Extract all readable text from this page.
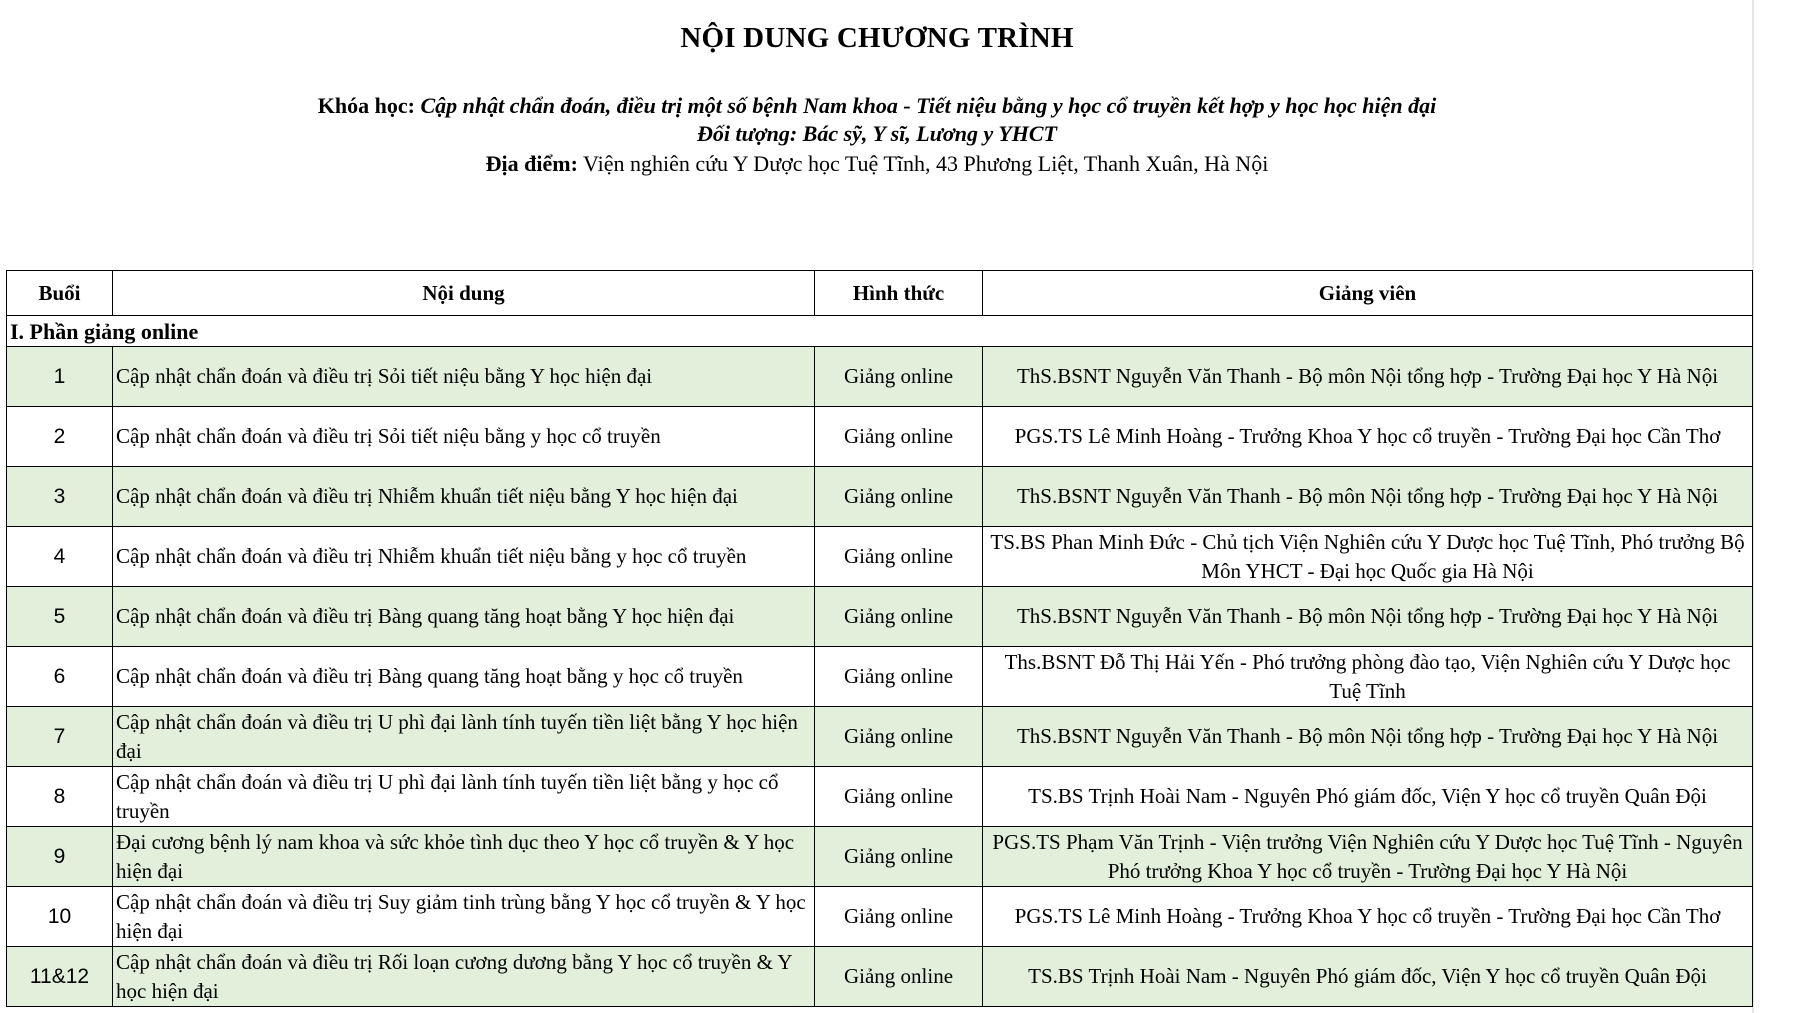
NỘI DUNG CHƯƠNG TRÌNH
Khóa học: Cập nhật chẩn đoán, điều trị một số bệnh Nam khoa - Tiết niệu bằng y học cổ truyền kết hợp y học học hiện đại
Đối tượng: Bác sỹ, Y sĩ, Lương y YHCT
Địa điểm: Viện nghiên cứu Y Dược học Tuệ Tĩnh, 43 Phương Liệt, Thanh Xuân, Hà Nội
Buổi	Nội dung	Hình thức	Giảng viên
I. Phần giảng online			
1	Cập nhật chẩn đoán và điều trị Sỏi tiết niệu bằng Y học hiện đại	Giảng online	ThS.BSNT Nguyễn Văn Thanh - Bộ môn Nội tổng hợp - Trường Đại học Y Hà Nội
2	Cập nhật chẩn đoán và điều trị Sỏi tiết niệu bằng y học cổ truyền	Giảng online	PGS.TS Lê Minh Hoàng - Trưởng Khoa Y học cổ truyền - Trường Đại học Cần Thơ
3	Cập nhật chẩn đoán và điều trị Nhiễm khuẩn tiết niệu bằng Y học hiện đại	Giảng online	ThS.BSNT Nguyễn Văn Thanh - Bộ môn Nội tổng hợp - Trường Đại học Y Hà Nội
4	Cập nhật chẩn đoán và điều trị Nhiễm khuẩn tiết niệu bằng y học cổ truyền	Giảng online	TS.BS Phan Minh Đức - Chủ tịch Viện Nghiên cứu Y Dược học Tuệ Tĩnh, Phó trưởng Bộ Môn YHCT - Đại học Quốc gia Hà Nội
5	Cập nhật chẩn đoán và điều trị Bàng quang tăng hoạt bằng Y học hiện đại	Giảng online	ThS.BSNT Nguyễn Văn Thanh - Bộ môn Nội tổng hợp - Trường Đại học Y Hà Nội
6	Cập nhật chẩn đoán và điều trị Bàng quang tăng hoạt bằng y học cổ truyền	Giảng online	Ths.BSNT Đỗ Thị Hải Yến - Phó trưởng phòng đào tạo, Viện Nghiên cứu Y Dược học Tuệ Tĩnh
7	Cập nhật chẩn đoán và điều trị U phì đại lành tính tuyến tiền liệt bằng Y học hiện đại	Giảng online	ThS.BSNT Nguyễn Văn Thanh - Bộ môn Nội tổng hợp - Trường Đại học Y Hà Nội
8	Cập nhật chẩn đoán và điều trị U phì đại lành tính tuyến tiền liệt bằng y học cổ truyền	Giảng online	TS.BS Trịnh Hoài Nam - Nguyên Phó giám đốc, Viện Y học cổ truyền Quân Đội
9	Đại cương bệnh lý nam khoa và sức khỏe tình dục theo Y học cổ truyền & Y học hiện đại	Giảng online	PGS.TS Phạm Văn Trịnh - Viện trưởng Viện Nghiên cứu Y Dược học Tuệ Tĩnh - Nguyên Phó trưởng Khoa Y học cổ truyền - Trường Đại học Y Hà Nội
10	Cập nhật chẩn đoán và điều trị Suy giảm tinh trùng bằng Y học cổ truyền & Y học hiện đại	Giảng online	PGS.TS Lê Minh Hoàng - Trưởng Khoa Y học cổ truyền - Trường Đại học Cần Thơ
11&12	Cập nhật chẩn đoán và điều trị Rối loạn cương dương bằng Y học cổ truyền & Y học hiện đại	Giảng online	TS.BS Trịnh Hoài Nam - Nguyên Phó giám đốc, Viện Y học cổ truyền Quân Đội
